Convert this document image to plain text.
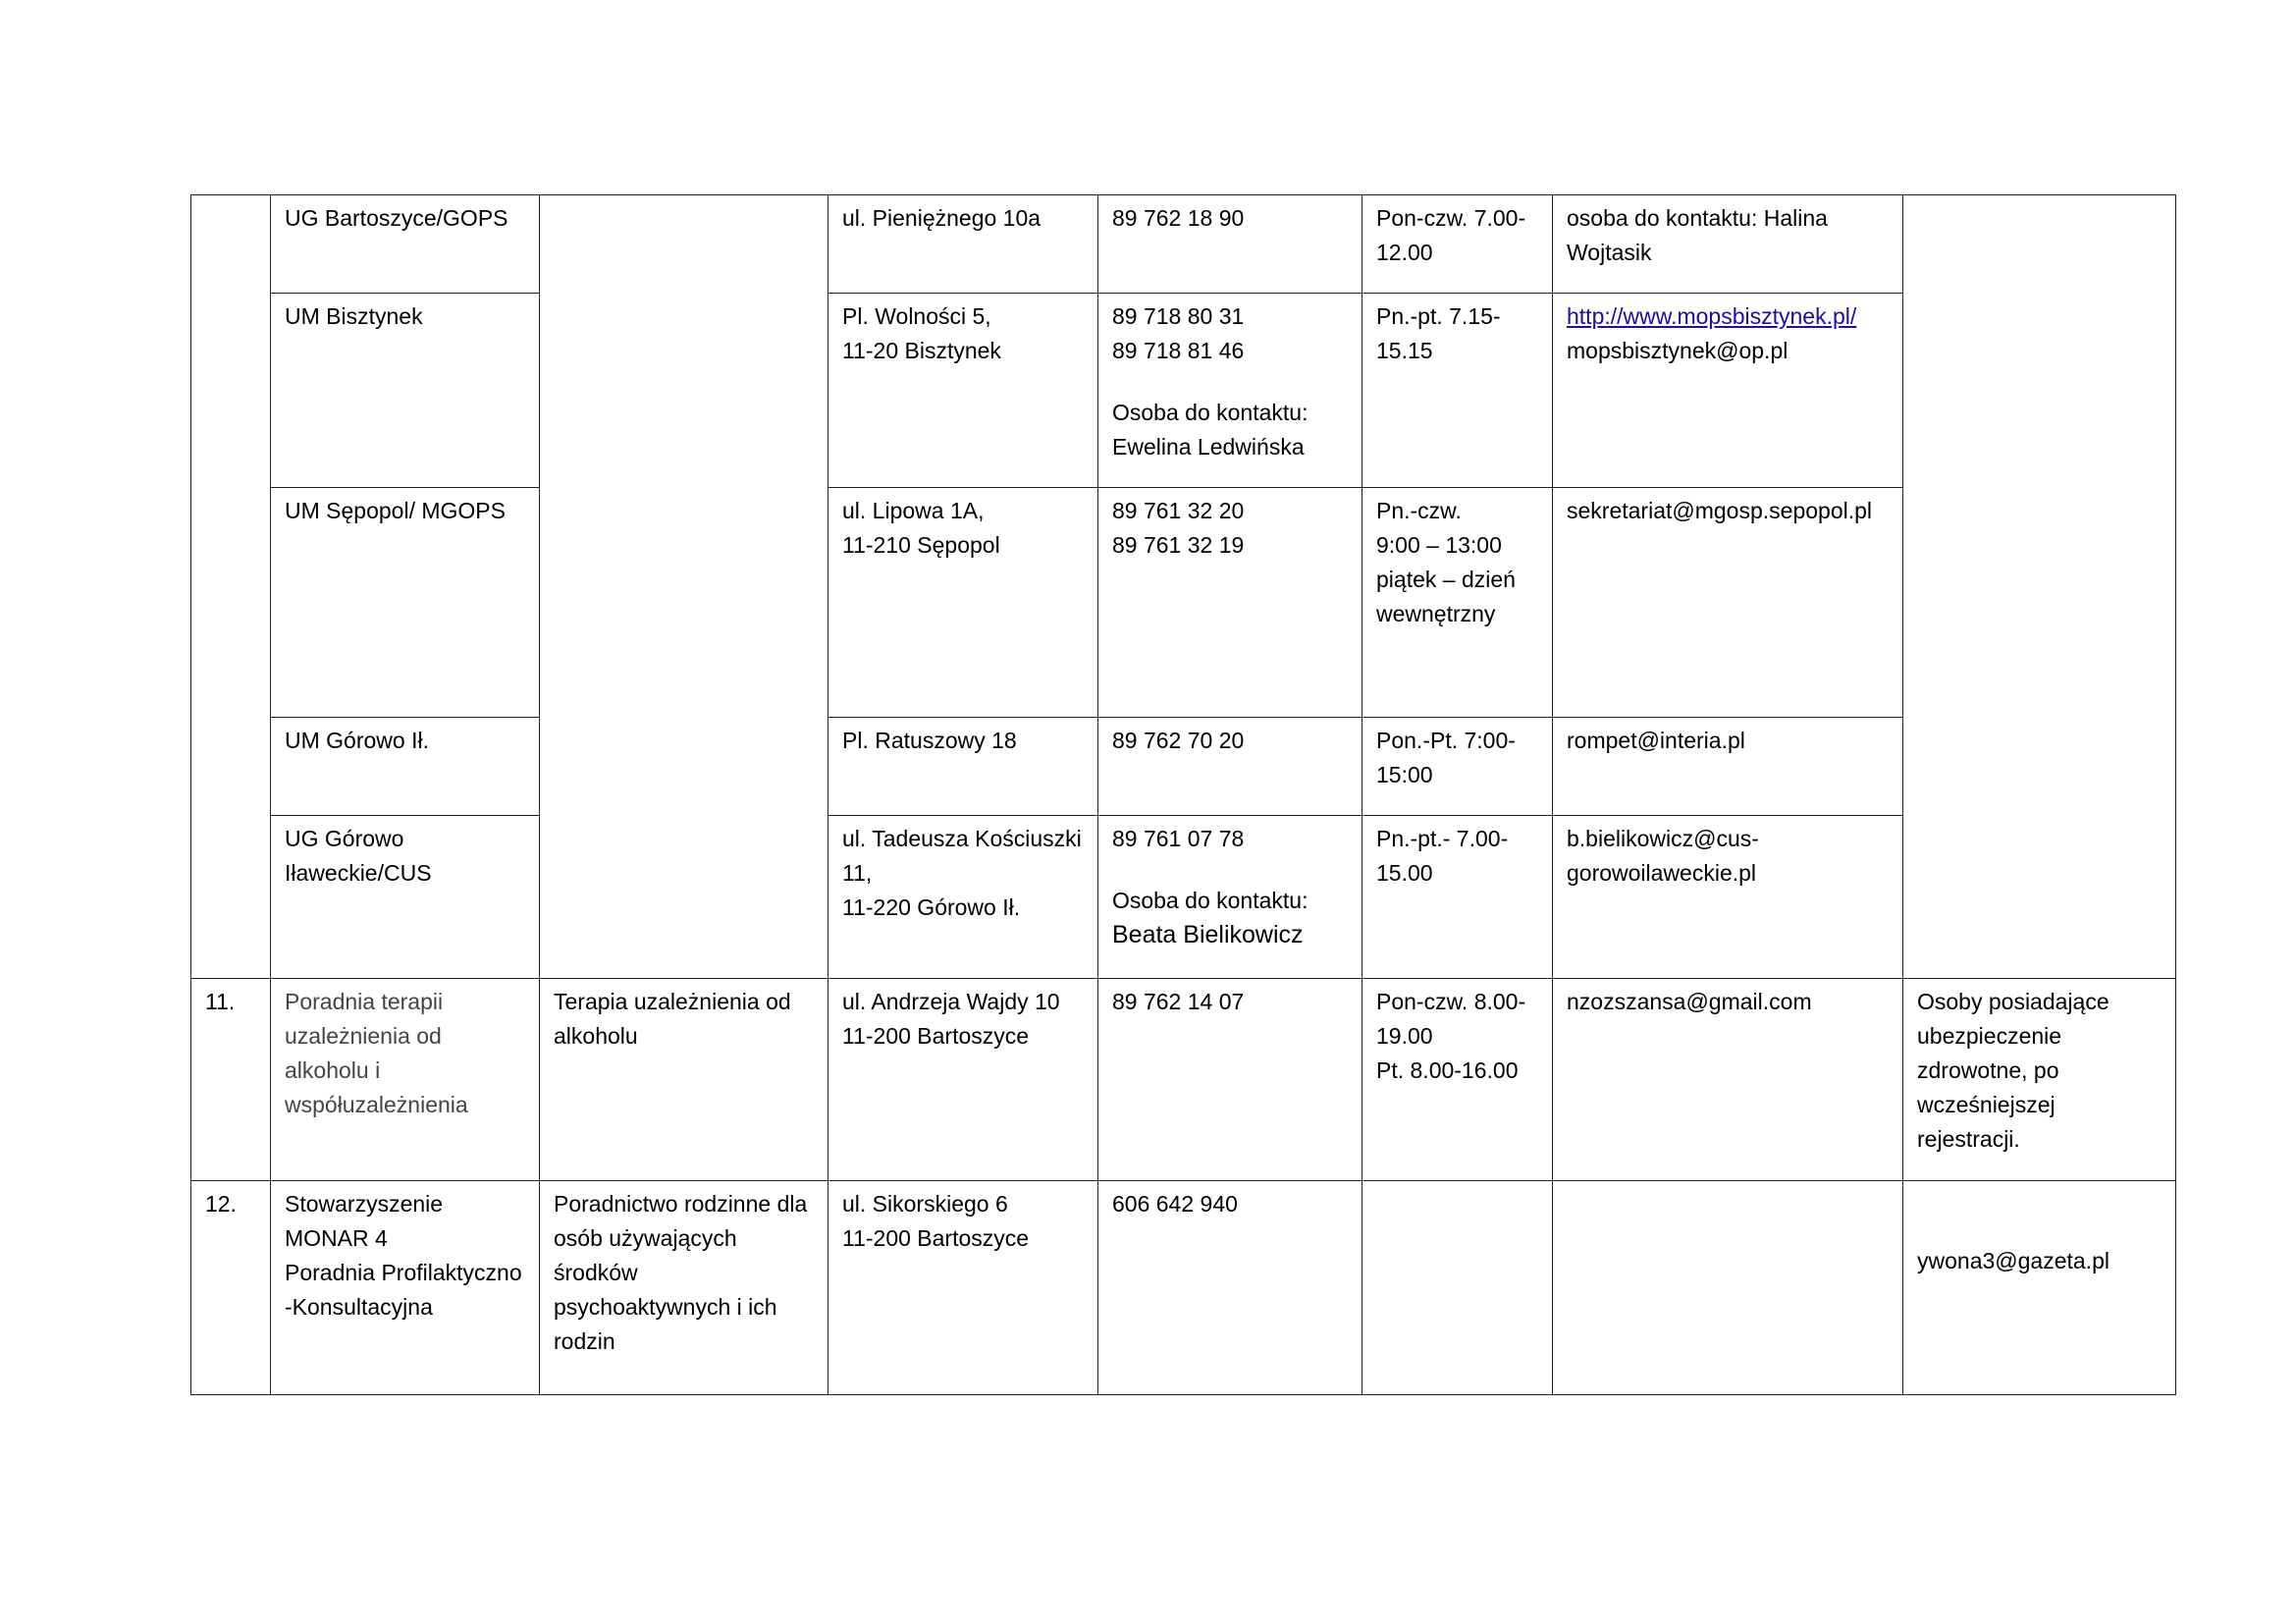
	UG Bartoszyce/GOPS		ul. Pieniężnego 10a	89 762 18 90	Pon-czw. 7.00-
12.00	osoba do kontaktu: Halina
Wojtasik	

	UM Bisztynek		Pl. Wolności 5,
11-20 Bisztynek	89 718 80 31
89 718 81 46
Osoba do kontaktu:
Ewelina Ledwińska	Pn.-pt. 7.15-
15.15	http://www.mopsbisztynek.pl/
mopsbisztynek@op.pl	

	UM Sępopol/ MGOPS		ul. Lipowa 1A,
11-210 Sępopol	89 761 32 20
89 761 32 19	Pn.-czw.
9:00 – 13:00
piątek – dzień
wewnętrzny	sekretariat@mgosp.sepopol.pl	

	UM Górowo Ił.		Pl. Ratuszowy 18	89 762 70 20	Pon.-Pt. 7:00-
15:00	rompet@interia.pl	

	UG Górowo
Iławeckie/CUS		ul. Tadeusza Kościuszki
11,
11-220 Górowo Ił.	89 761 07 78
Osoba do kontaktu:
Beata Bielikowicz	Pn.-pt.- 7.00-
15.00	b.bielikowicz@cus-
gorowoilaweckie.pl	

11.	Poradnia terapii
uzależnienia od
alkoholu i
współuzależnienia	Terapia uzależnienia od
alkoholu	ul. Andrzeja Wajdy 10
11-200 Bartoszyce	89 762 14 07	Pon-czw. 8.00-
19.00
Pt. 8.00-16.00	nzozszansa@gmail.com	Osoby posiadające
ubezpieczenie
zdrowotne, po
wcześniejszej
rejestracji.

12.	Stowarzyszenie
MONAR 4
Poradnia Profilaktyczno
-Konsultacyjna	Poradnictwo rodzinne dla
osób używających
środków
psychoaktywnych i ich
rodzin	ul. Sikorskiego 6
11-200 Bartoszyce	606 642 940			ywona3@gazeta.pl
